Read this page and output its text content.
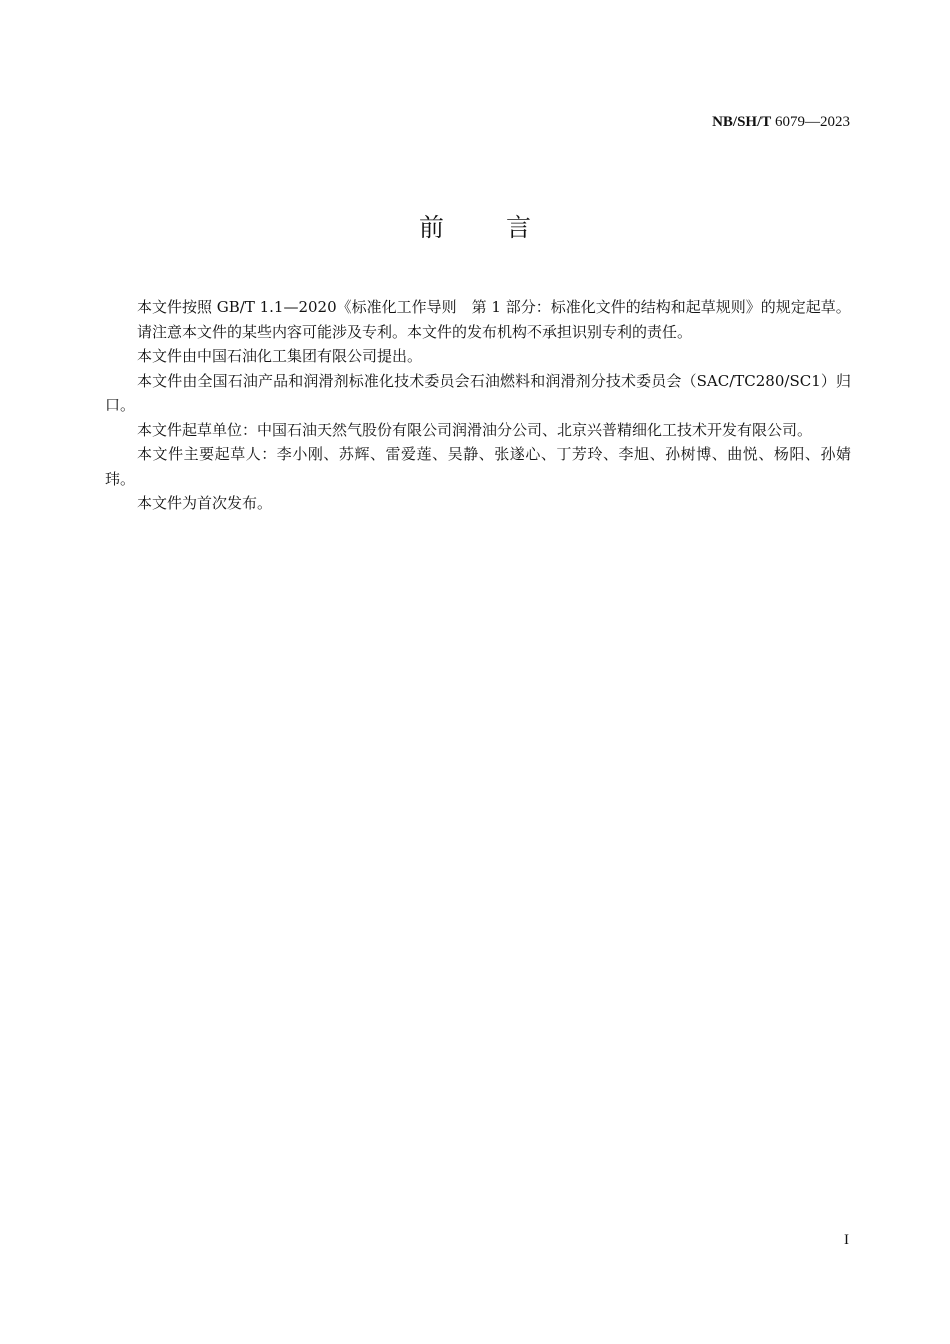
NB/SH/T 6079—2023
前言

本文件按照 GB/T 1.1—2020《标准化工作导则　第 1 部分：标准化文件的结构和起草规则》的规定起草。

请注意本文件的某些内容可能涉及专利。本文件的发布机构不承担识别专利的责任。

本文件由中国石油化工集团有限公司提出。

本文件由全国石油产品和润滑剂标准化技术委员会石油燃料和润滑剂分技术委员会（SAC/TC280/SC1）归口。

本文件起草单位：中国石油天然气股份有限公司润滑油分公司、北京兴普精细化工技术开发有限公司。

本文件主要起草人：李小刚、苏辉、雷爱莲、吴静、张遂心、丁芳玲、李旭、孙树博、曲悦、杨阳、孙婧玮。

本文件为首次发布。

I
